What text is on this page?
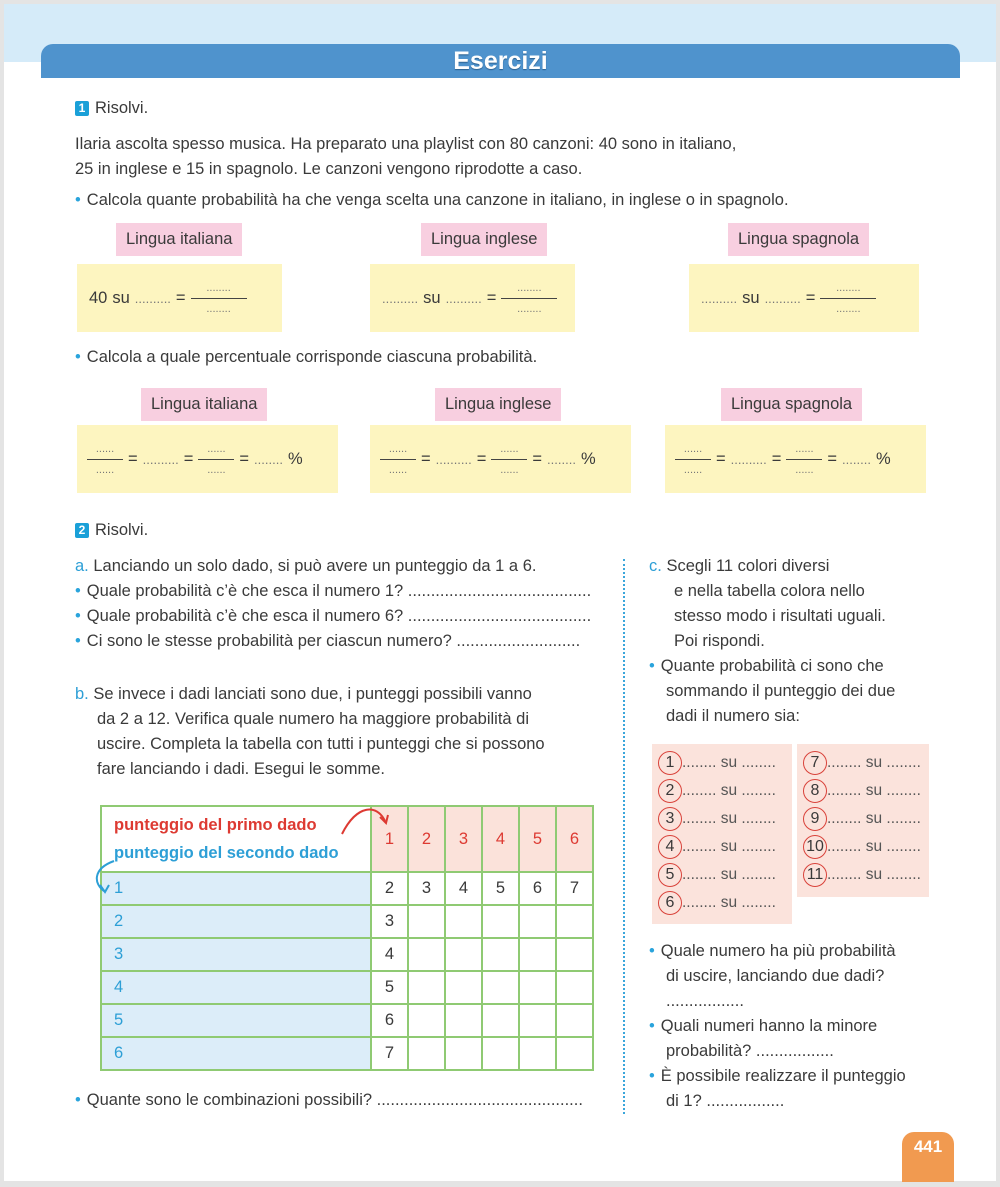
Esercizi
1 Risolvi.
Ilaria ascolta spesso musica. Ha preparato una playlist con 80 canzoni: 40 sono in italiano,
25 in inglese e 15 in spagnolo. Le canzoni vengono riprodotte a caso.
• Calcola quante probabilità ha che venga scelta una canzone in italiano, in inglese o in spagnolo.
• Calcola a quale percentuale corrisponde ciascuna probabilità.
2 Risolvi.
a. Lanciando un solo dado, si può avere un punteggio da 1 a 6.
• Quale probabilità c’è che esca il numero 1? ........................................
• Quale probabilità c’è che esca il numero 6? ........................................
• Ci sono le stesse probabilità per ciascun numero? ...........................
b. Se invece i dadi lanciati sono due, i punteggi possibili vanno
da 2 a 12. Verifica quale numero ha maggiore probabilità di
uscire. Completa la tabella con tutti i punteggi che si possono
fare lanciando i dadi. Esegui le somme.
punteggio del primo dado
punteggio del secondo dado	1	2	3	4	5	6
1	2	3	4	5	6	7
2	3					
3	4					
4	5					
5	6					
6	7					
• Quante sono le combinazioni possibili? .............................................
c. Scegli 11 colori diversi
e nella tabella colora nello
stesso modo i risultati uguali.
Poi rispondi.
• Quante probabilità ci sono che
sommando il punteggio dei due
dadi il numero sia:
1 ........ su ........
2 ........ su ........
3 ........ su ........
4 ........ su ........
5 ........ su ........
6 ........ su ........
7 ........ su ........
8 ........ su ........
9 ........ su ........
10 ........ su ........
11 ........ su ........
• Quale numero ha più probabilità
di uscire, lanciando due dadi?
.................
• Quali numeri hanno la minore
probabilità? .................
• È possibile realizzare il punteggio
di 1? .................
441
Lingua italiana
40 su .......... = $\frac{........}{........}$
Lingua italiana
$\frac{......}{......}$ = .......... = $\frac{......}{......}$ = ........ %
Lingua inglese
.......... su .......... = $\frac{........}{........}$
Lingua inglese
$\frac{......}{......}$ = .......... = $\frac{......}{......}$ = ........ %
Lingua spagnola
.......... su .......... = $\frac{........}{........}$
Lingua spagnola
$\frac{......}{......}$ = .......... = $\frac{......}{......}$ = ........ %
